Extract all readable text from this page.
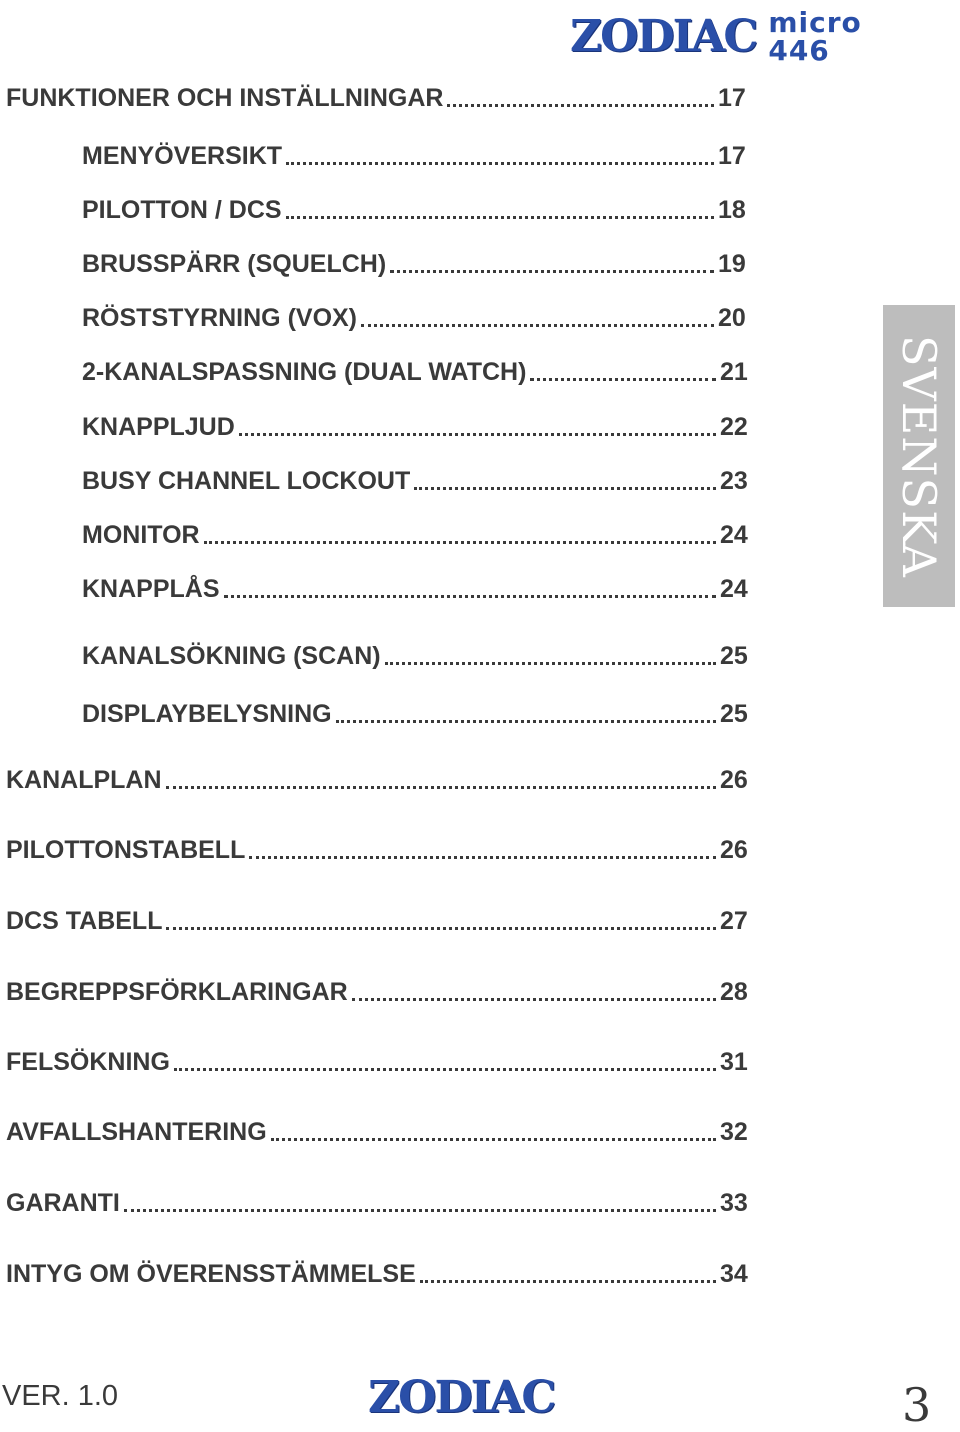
ZODIAC micro 446
FUNKTIONER OCH INSTÄLLNINGAR	17
MENYÖVERSIKT	17
PILOTTON / DCS	18
BRUSSPÄRR (SQUELCH)	19
RÖSTSTYRNING (VOX)	20
2-KANALSPASSNING (DUAL WATCH)	21
KNAPPLJUD	22
BUSY CHANNEL LOCKOUT	23
MONITOR	24
KNAPPLÅS	24
KANALSÖKNING (SCAN)	25
DISPLAYBELYSNING	25
KANALPLAN	26
PILOTTONSTABELL	26
DCS TABELL	27
BEGREPPSFÖRKLARINGAR	28
FELSÖKNING	31
AVFALLSHANTERING	32
GARANTI	33
INTYG OM ÖVERENSSTÄMMELSE	34
SVENSKA
VER. 1.0	ZODIAC	3
